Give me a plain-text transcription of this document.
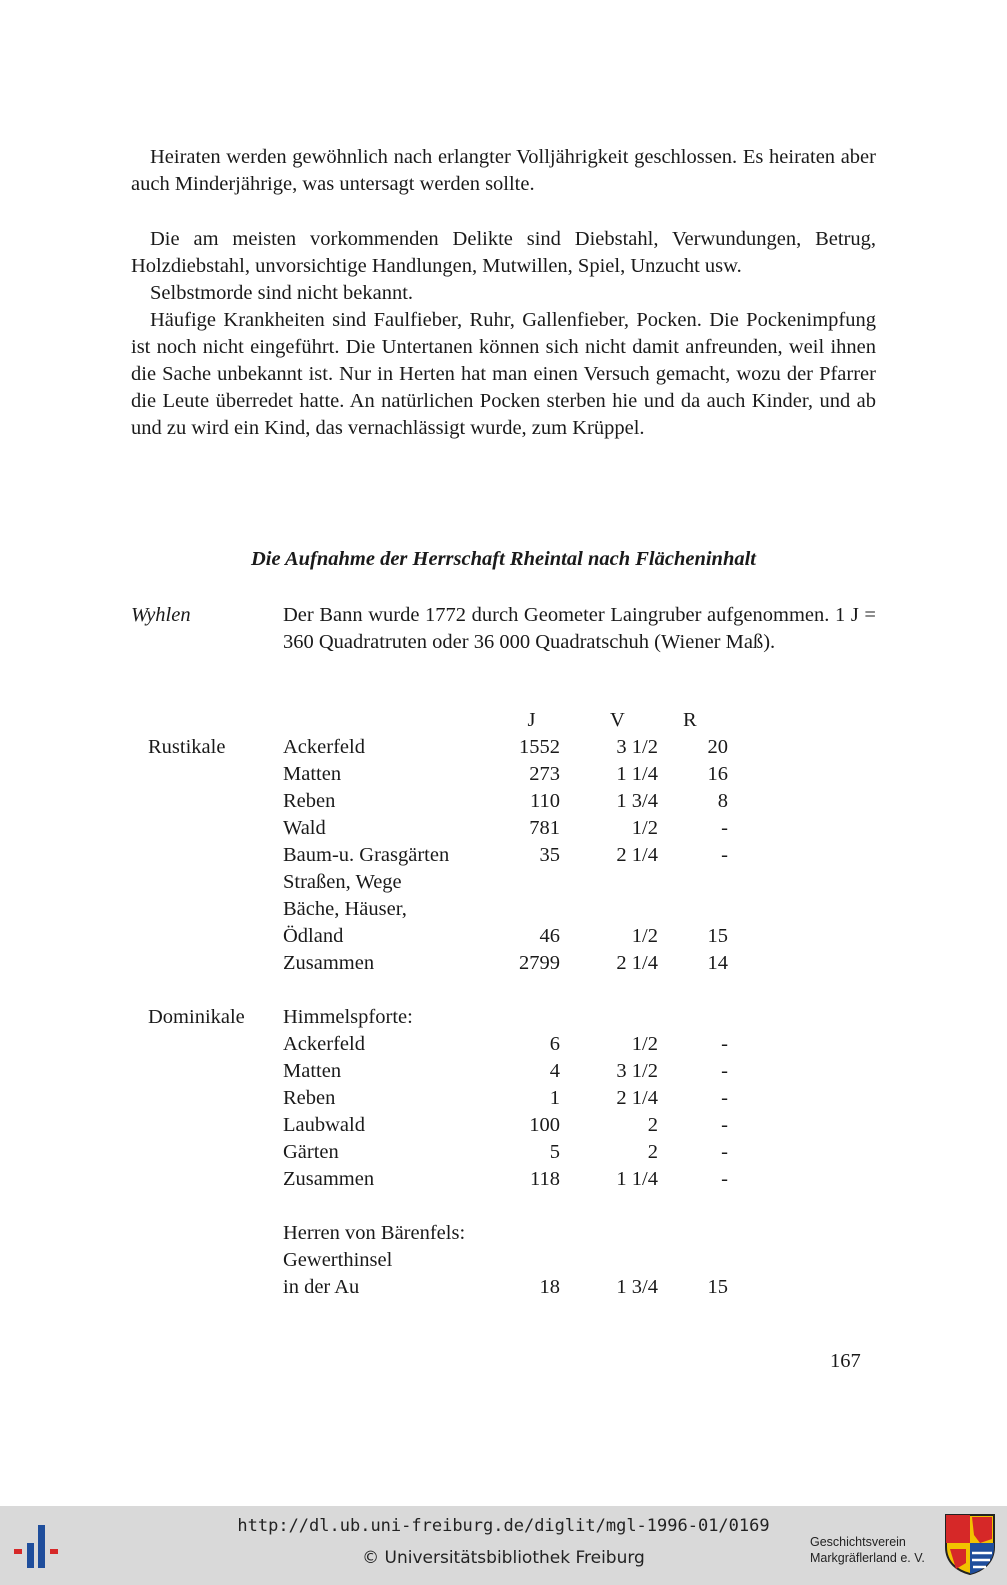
Heiraten werden gewöhnlich nach erlangter Volljährigkeit geschlossen. Es heiraten aber auch Minderjährige, was untersagt werden sollte.

Die am meisten vorkommenden Delikte sind Diebstahl, Verwundungen, Betrug, Holzdiebstahl, unvorsichtige Handlungen, Mutwillen, Spiel, Unzucht usw.

Selbstmorde sind nicht bekannt.

Häufige Krankheiten sind Faulfieber, Ruhr, Gallenfieber, Pocken. Die Pockenimpfung ist noch nicht eingeführt. Die Untertanen können sich nicht damit anfreunden, weil ihnen die Sache unbekannt ist. Nur in Herten hat man einen Versuch gemacht, wozu der Pfarrer die Leute überredet hatte. An natürlichen Pocken sterben hie und da auch Kinder, und ab und zu wird ein Kind, das vernachlässigt wurde, zum Krüppel.

Die Aufnahme der Herrschaft Rheintal nach Flächeninhalt
Wyhlen	Der Bann wurde 1772 durch Geometer Laingruber aufgenommen. 1 J = 360 Quadratruten oder 36 000 Quadratschuh (Wiener Maß).

		J		V		R
Rustikale	Ackerfeld	1552		3 1/2		20
	Matten	273		1 1/4		16
	Reben	110		1 3/4		8
	Wald	781		1/2		-
	Baum-u. Grasgärten	35		2 1/4		-
	Straßen, Wege					
	Bäche, Häuser,					
	Ödland	46		1/2		15
	Zusammen	2799		2 1/4		14

Dominikale	Himmelspforte:					
	Ackerfeld	6		1/2		-
	Matten	4		3 1/2		-
	Reben	1		2 1/4		-
	Laubwald	100		2		-
	Gärten	5		2		-
	Zusammen	118		1 1/4		-

	Herren von Bärenfels:					
	Gewerthinsel					
	in der Au	18		1 3/4		15
167
http://dl.ub.uni-freiburg.de/diglit/mgl-1996-01/0169
© Universitätsbibliothek Freiburg
Geschichtsverein
Markgräflerland e. V.
